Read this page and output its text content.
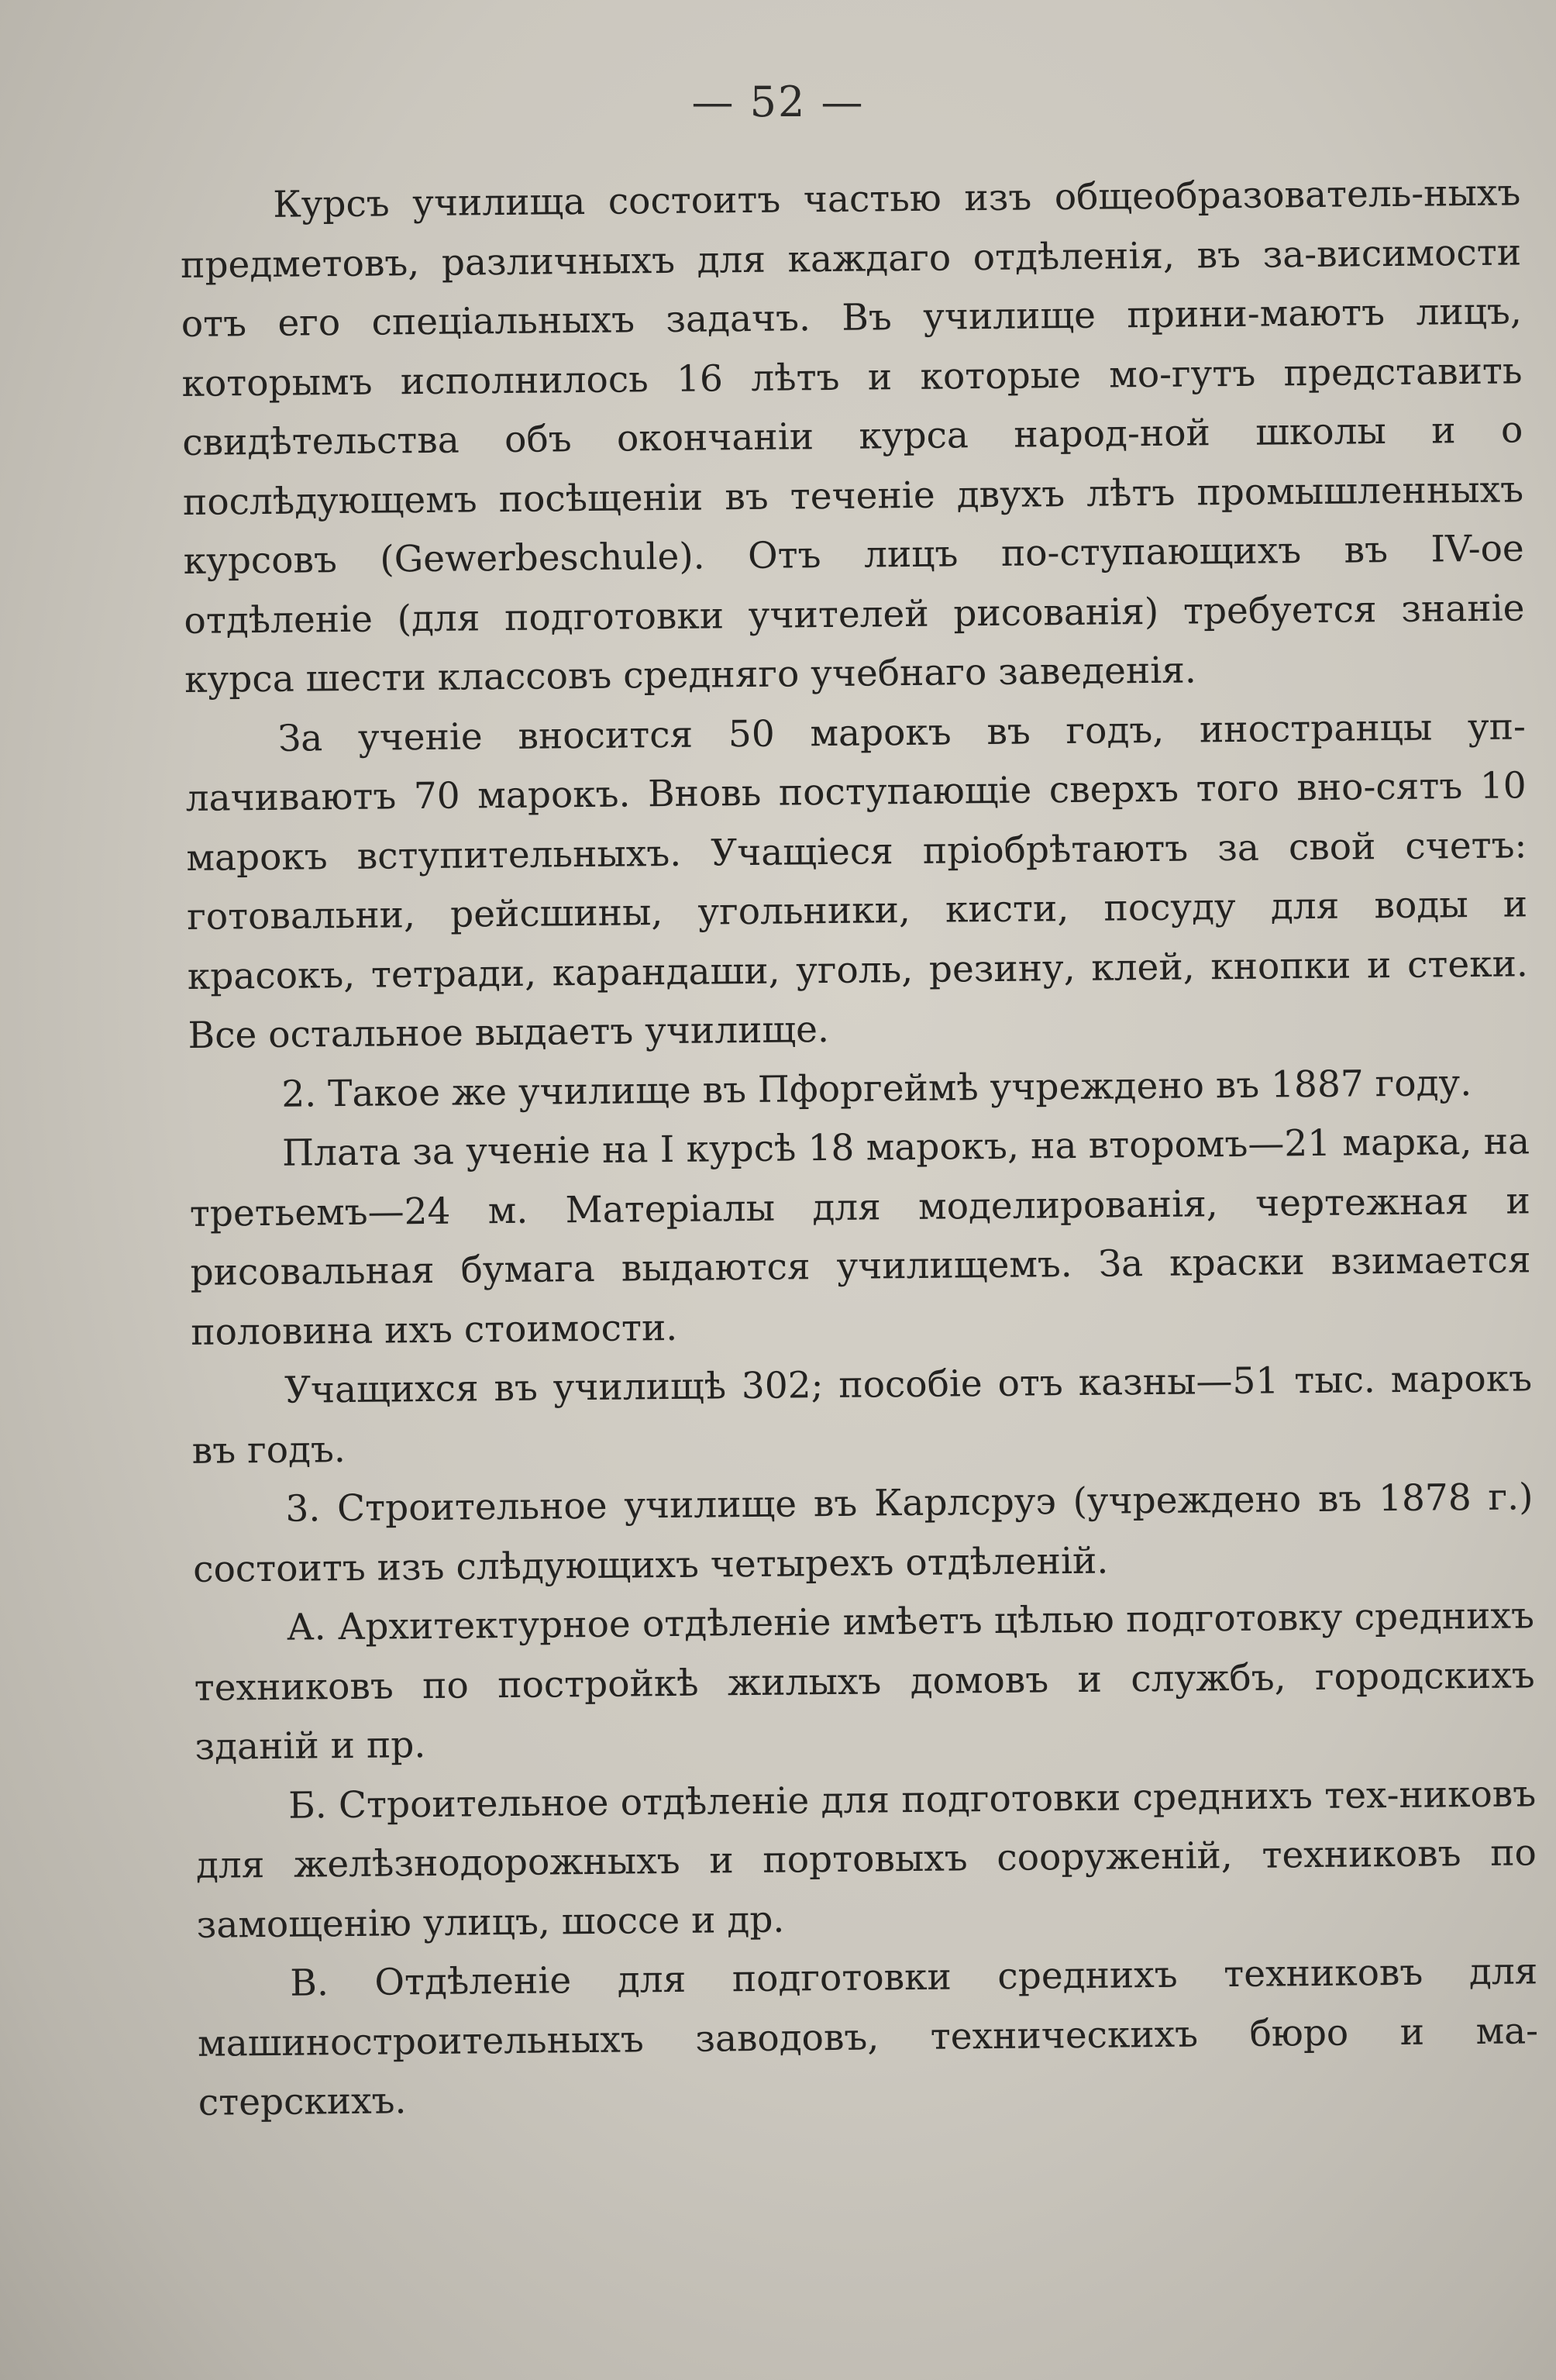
— 52 —

Курсъ училища состоитъ частью изъ общеобразователь-ныхъ предметовъ, различныхъ для каждаго отдѣленія, въ за-висимости отъ его спеціальныхъ задачъ. Въ училище прини-маютъ лицъ, которымъ исполнилось 16 лѣтъ и которые мо-гутъ представить свидѣтельства объ окончаніи курса народ-ной школы и о послѣдующемъ посѣщеніи въ теченіе двухъ лѣтъ промышленныхъ курсовъ (Gewerbeschule). Отъ лицъ по-ступающихъ въ IV-ое отдѣленіе (для подготовки учителей рисованія) требуется знаніе курса шести классовъ средняго учебнаго заведенія.

За ученіе вносится 50 марокъ въ годъ, иностранцы уп-лачиваютъ 70 марокъ. Вновь поступающіе сверхъ того вно-сятъ 10 марокъ вступительныхъ. Учащіеся пріобрѣтаютъ за свой счетъ: готовальни, рейсшины, угольники, кисти, посуду для воды и красокъ, тетради, карандаши, уголь, резину, клей, кнопки и стеки. Все остальное выдаетъ училище.

2. Такое же училище въ Пфоргеймѣ учреждено въ 1887 году.

Плата за ученіе на I курсѣ 18 марокъ, на второмъ—21 марка, на третьемъ—24 м. Матеріалы для моделированія, чертежная и рисовальная бумага выдаются училищемъ. За краски взимается половина ихъ стоимости.

Учащихся въ училищѣ 302; пособіе отъ казны—51 тыс. марокъ въ годъ.

3. Строительное училище въ Карлсруэ (учреждено въ 1878 г.) состоитъ изъ слѣдующихъ четырехъ отдѣленій.

А. Архитектурное отдѣленіе имѣетъ цѣлью подготовку среднихъ техниковъ по постройкѣ жилыхъ домовъ и службъ, городскихъ зданій и пр.

Б. Строительное отдѣленіе для подготовки среднихъ тех-никовъ для желѣзнодорожныхъ и портовыхъ сооруженій, техниковъ по замощенію улицъ, шоссе и др.

В. Отдѣленіе для подготовки среднихъ техниковъ для машиностроительныхъ заводовъ, техническихъ бюро и ма-стерскихъ.
